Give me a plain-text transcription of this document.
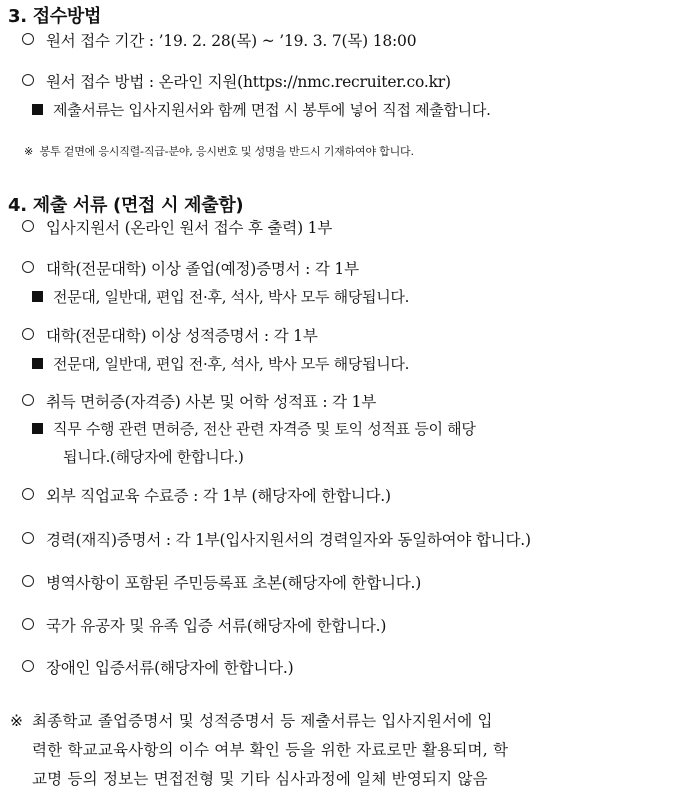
3. 접수방법
원서 접수 기간 : ’19. 2. 28(목) ~ ’19. 3. 7(목) 18:00
원서 접수 방법 : 온라인 지원(https://nmc.recruiter.co.kr)
제출서류는 입사지원서와 함께 면접 시 봉투에 넣어 직접 제출합니다.
※ 봉투 겉면에 응시직렬-직급-분야, 응시번호 및 성명을 반드시 기재하여야 합니다.
4. 제출 서류 (면접 시 제출함)
입사지원서 (온라인 원서 접수 후 출력) 1부
대학(전문대학) 이상 졸업(예정)증명서 : 각 1부
전문대, 일반대, 편입 전·후, 석사, 박사 모두 해당됩니다.
대학(전문대학) 이상 성적증명서 : 각 1부
전문대, 일반대, 편입 전·후, 석사, 박사 모두 해당됩니다.
취득 면허증(자격증) 사본 및 어학 성적표 : 각 1부
직무 수행 관련 면허증, 전산 관련 자격증 및 토익 성적표 등이 해당
됩니다.(해당자에 한합니다.)
외부 직업교육 수료증 : 각 1부 (해당자에 한합니다.)
경력(재직)증명서 : 각 1부(입사지원서의 경력일자와 동일하여야 합니다.)
병역사항이 포함된 주민등록표 초본(해당자에 한합니다.)
국가 유공자 및 유족 입증 서류(해당자에 한합니다.)
장애인 입증서류(해당자에 한합니다.)
※ 최종학교 졸업증명서 및 성적증명서 등 제출서류는 입사지원서에 입
력한 학교교육사항의 이수 여부 확인 등을 위한 자료로만 활용되며, 학
교명 등의 정보는 면접전형 및 기타 심사과정에 일체 반영되지 않음
